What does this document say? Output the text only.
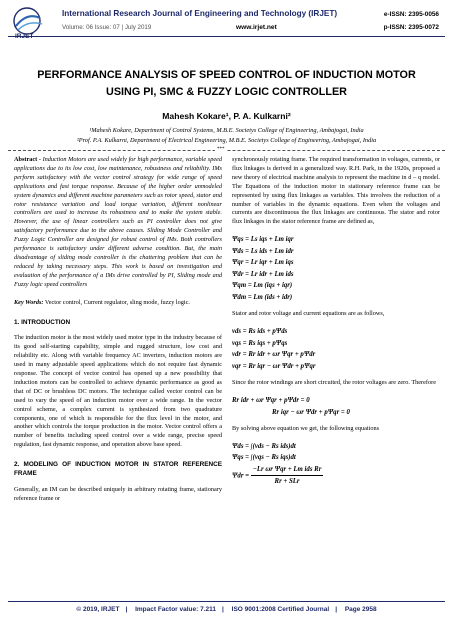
IRJET
International Research Journal of Engineering and Technology (IRJET)	e-ISSN: 2395-0056
Volume: 06 Issue: 07 | July 2019	www.irjet.net	p-ISSN: 2395-0072
PERFORMANCE ANALYSIS OF SPEED CONTROL OF INDUCTION MOTOR USING PI, SMC & FUZZY LOGIC CONTROLLER
Mahesh Kokare¹, P. A. Kulkarni²
¹Mahesh Kokare, Department of Control Systems, M.B.E. Societys College of Engineering, Ambajogai, India
²Prof. P.A. Kulkarni, Department of Electrical Engineering, M.B.E. Societys College of Engineering, Ambajogai, India
***

Abstract - Induction Motors are used widely for high performance, variable speed applications due to its low cost, low maintenance, robustness and reliability. IMs perform satisfactory with the vector control strategy for wide range of speed applications and fast torque response. Because of the higher order unmodeled system dynamics and different machine parameters such as rotor speed, stator and rotor resistance variation and load torque variation, different nonlinear controllers are used to increase its robustness and to make the system stable. However, the use of linear controllers such as PI controller does not give satisfactory performance due to the above causes. Sliding Mode Controller and Fuzzy Logic Controller are designed for robust control of IMs. Both controllers performance is satisfactory under different adverse condition. But, the main disadvantage of sliding mode controller is the chattering problem that can be reduced by taking necessary steps. This work is based on investigation and evaluation of the performance of a IMs drive controlled by PI, Sliding mode and Fuzzy logic speed controllers

Key Words: Vector control, Current regulator, sling mode, fuzzy logic.

1. INTRODUCTION

The induction motor is the most widely used motor type in the industry because of its good self-starting capability, simple and rugged structure, low cost and reliability etc. Along with variable frequency AC inverters, induction motors are used in many adjustable speed applications which do not require fast dynamic response. The concept of vector control has opened up a new possibility that induction motors can be controlled to achieve dynamic performance as good as that of DC or brushless DC motors. The technique called vector control can be used to vary the speed of an induction motor over a wide range. In the vector control scheme, a complex current is synthesized from two quadrature components, one of which is responsible for the flux level in the motor, and another which controls the torque production in the motor. Vector control offers a number of benefits including speed control over a wide range, precise speed regulation, fast dynamic response, and operation above base speed.

2. MODELING OF INDUCTION MOTOR IN STATOR REFERENCE FRAME

Generally, an IM can be described uniquely in arbitrary rotating frame, stationary reference frame or

synchronously rotating frame. The required transformation in voltages, currents, or flux linkages is derived in a generalized way. R.H. Park, in the 1920s, proposed a new theory of electrical machine analysis to represent the machine in d – q model. The Equations of the induction motor in stationary reference frame can be represented by using flux linkages as variables. This involves the reduction of a number of variables in the dynamic equations. Even when the voltages and currents are discontinuous the flux linkages are continuous. The stator and rotor flux linkages in the stator reference frame are defined as,

Ψqs = Ls iqs + Lm iqr
Ψds = Ls ids + Lm idr
Ψqr = Lr iqr + Lm iqs
Ψdr = Lr idr + Lm ids
Ψqm = Lm (iqs + iqr)
Ψdm = Lm (ids + idr)

Stator and rotor voltage and current equations are as follows,

vds = Rs ids + pΨds
vqs = Rs iqs + pΨqs
vdr = Rr idr + ωr Ψqr + pΨdr
vqr = Rr iqr − ωr Ψdr + pΨqr

Since the rotor windings are short circuited, the rotor voltages are zero. Therefore

Rr idr + ωr Ψqr + pΨdr = 0
Rr iqr − ωr Ψdr + pΨqr = 0

By solving above equation we get, the following equations

Ψds = ∫(vds − Rs ids)dt
Ψqs = ∫(vqs − Rs iqs)dt
$\Psi dr = \frac{\text{−Lr ωr Ψqr + Lm ids Rr}}{\text{Rr + SLr}}$
© 2019, IRJET | Impact Factor value: 7.211 | ISO 9001:2008 Certified Journal | Page 2958
